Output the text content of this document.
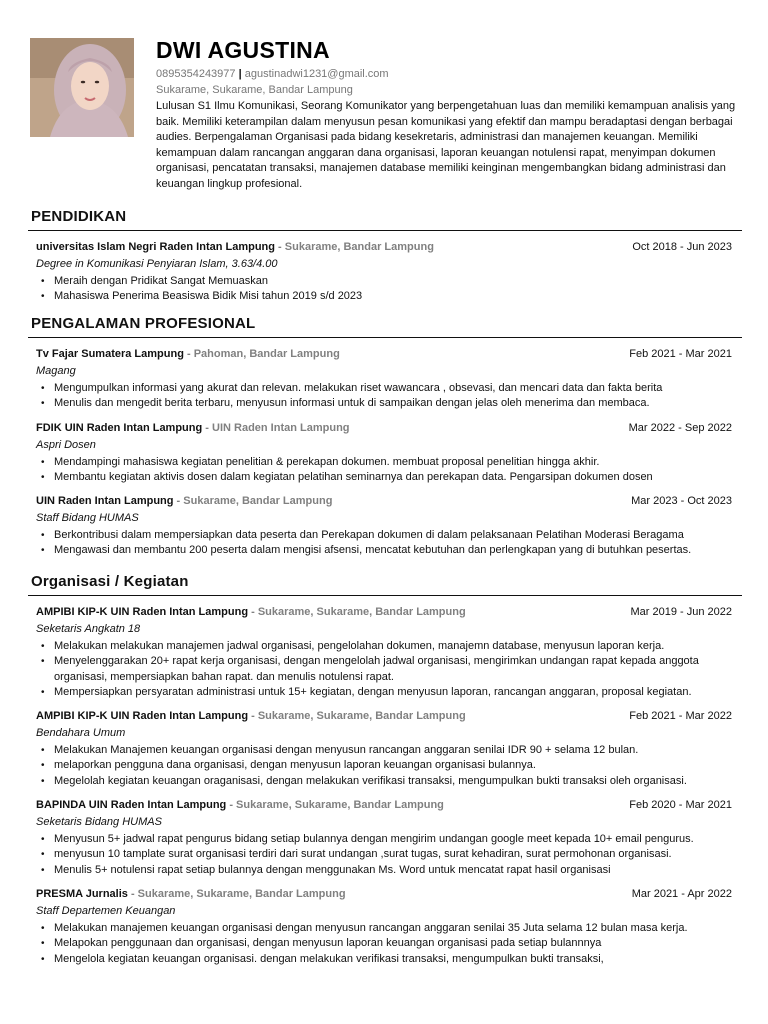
DWI AGUSTINA
0895354243977 | agustinadwi1231@gmail.com
Sukarame, Sukarame, Bandar Lampung
Lulusan S1 Ilmu Komunikasi, Seorang Komunikator yang berpengetahuan luas dan memiliki kemampuan analisis yang baik. Memiliki keterampilan dalam menyusun pesan komunikasi yang efektif dan mampu beradaptasi dengan berbagai audies. Berpengalaman Organisasi pada bidang kesekretaris, administrasi dan manajemen keuangan. Memiliki kemampuan dalam rancangan anggaran dana organisasi, laporan keuangan notulensi rapat, menyimpan dokumen organisasi, pencatatan transaksi, manajemen database memiliki keinginan mengembangkan bidang administrasi dan keuangan lingkup profesional.
PENDIDIKAN
universitas Islam Negri Raden Intan Lampung - Sukarame, Bandar Lampung	Oct 2018 - Jun 2023
Degree in Komunikasi Penyiaran Islam, 3.63/4.00
• Meraih dengan Pridikat Sangat Memuaskan
• Mahasiswa Penerima Beasiswa Bidik Misi tahun 2019 s/d 2023
PENGALAMAN PROFESIONAL
Tv Fajar Sumatera Lampung - Pahoman, Bandar Lampung	Feb 2021 - Mar 2021
Magang
• Mengumpulkan informasi yang akurat dan relevan. melakukan riset wawancara , obsevasi, dan mencari data dan fakta berita
• Menulis dan mengedit berita terbaru, menyusun informasi untuk di sampaikan dengan jelas oleh menerima dan membaca.
FDIK UIN Raden Intan Lampung - UIN Raden Intan Lampung	Mar 2022 - Sep 2022
Aspri Dosen
• Mendampingi mahasiswa kegiatan penelitian & perekapan dokumen. membuat proposal penelitian hingga akhir.
• Membantu kegiatan aktivis dosen dalam kegiatan pelatihan seminarnya dan perekapan data. Pengarsipan dokumen dosen
UIN Raden Intan Lampung - Sukarame, Bandar Lampung	Mar 2023 - Oct 2023
Staff Bidang HUMAS
• Berkontribusi dalam mempersiapkan data peserta dan Perekapan dokumen di dalam pelaksanaan Pelatihan Moderasi Beragama
• Mengawasi dan membantu 200 peserta dalam mengisi afsensi, mencatat kebutuhan dan perlengkapan yang di butuhkan pesertas.
Organisasi / Kegiatan
AMPIBI KIP-K UIN Raden Intan Lampung - Sukarame, Sukarame, Bandar Lampung	Mar 2019 - Jun 2022
Seketaris Angkatn 18
• Melakukan melakukan manajemen jadwal organisasi, pengelolahan dokumen, manajemn database, menyusun laporan kerja.
• Menyelenggarakan 20+ rapat kerja organisasi, dengan mengelolah jadwal organisasi, mengirimkan undangan rapat kepada anggota organisasi, mempersiapkan bahan rapat. dan menulis notulensi rapat.
• Mempersiapkan persyaratan administrasi untuk 15+ kegiatan, dengan menyusun laporan, rancangan anggaran, proposal kegiatan.
AMPIBI KIP-K UIN Raden Intan Lampung - Sukarame, Sukarame, Bandar Lampung	Feb 2021 - Mar 2022
Bendahara Umum
• Melakukan Manajemen keuangan organisasi dengan menyusun rancangan anggaran senilai IDR 90 + selama 12 bulan.
• melaporkan pengguna dana organisasi, dengan menyusun laporan keuangan organisasi bulannya.
• Megelolah kegiatan keuangan oraganisasi, dengan melakukan verifikasi transaksi, mengumpulkan bukti transaksi oleh organisasi.
BAPINDA UIN Raden Intan Lampung - Sukarame, Sukarame, Bandar Lampung	Feb 2020 - Mar 2021
Seketaris Bidang HUMAS
• Menyusun 5+ jadwal rapat pengurus bidang setiap bulannya dengan mengirim undangan google meet kepada 10+ email pengurus.
• menyusun 10 tamplate surat organisasi terdiri dari surat undangan ,surat tugas, surat kehadiran, surat permohonan organisasi.
• Menulis 5+ notulensi rapat setiap bulannya dengan menggunakan Ms. Word untuk mencatat rapat hasil organisasi
PRESMA Jurnalis - Sukarame, Sukarame, Bandar Lampung	Mar 2021 - Apr 2022
Staff Departemen Keuangan
• Melakukan manajemen keuangan organisasi dengan menyusun rancangan anggaran senilai 35 Juta selama 12 bulan masa kerja.
• Melapokan penggunaan dan organisasi, dengan menyusun laporan keuangan organisasi pada setiap bulannnya
• Mengelola kegiatan keuangan organisasi. dengan melakukan verifikasi transaksi, mengumpulkan bukti transaksi,
